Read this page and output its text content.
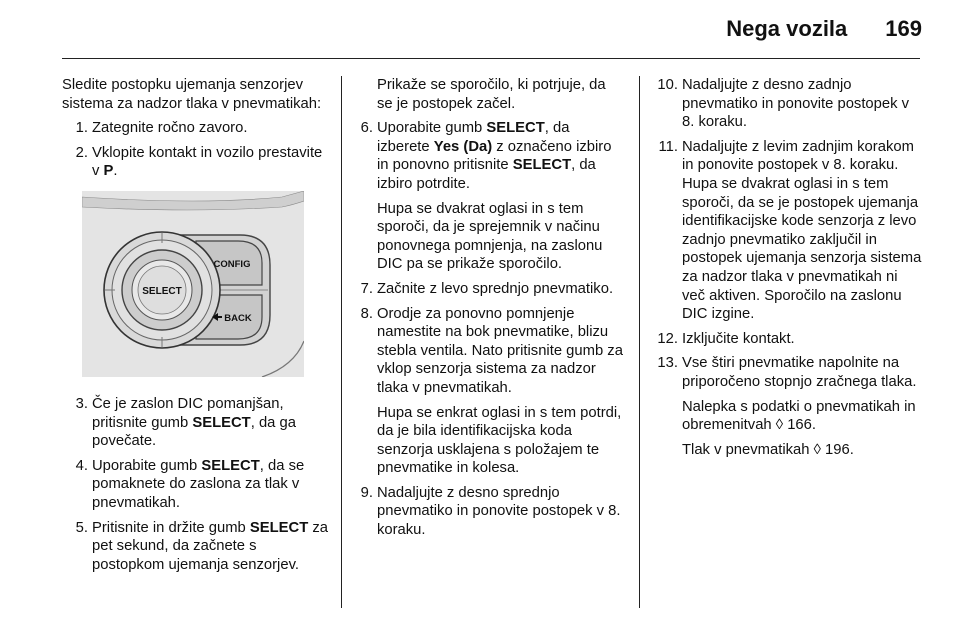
Nega vozila 169

Sledite postopku ujemanja senzorjev sistema za nadzor tlaka v pnevmatikah:

1. Zategnite ročno zavoro.
2. Vklopite kontakt in vozilo prestavite v P.
SELECT
CONFIG
BACK
3. Če je zaslon DIC pomanjšan, pritisnite gumb SELECT, da ga povečate.
4. Uporabite gumb SELECT, da se pomaknete do zaslona za tlak v pnevmatikah.
5. Pritisnite in držite gumb SELECT za pet sekund, da začnete s postopkom ujemanja senzorjev.
Prikaže se sporočilo, ki potrjuje, da se je postopek začel.
6. Uporabite gumb SELECT, da izberete Yes (Da) z označeno izbiro in ponovno pritisnite SELECT, da izbiro potrdite.
Hupa se dvakrat oglasi in s tem sporoči, da je sprejemnik v načinu ponovnega pomnjenja, na zaslonu DIC pa se prikaže sporočilo.
7. Začnite z levo sprednjo pnevmatiko.
8. Orodje za ponovno pomnjenje namestite na bok pnevmatike, blizu stebla ventila. Nato pritisnite gumb za vklop senzorja sistema za nadzor tlaka v pnevmatikah.
Hupa se enkrat oglasi in s tem potrdi, da je bila identifikacijska koda senzorja usklajena s položajem te pnevmatike in kolesa.
9. Nadaljujte z desno sprednjo pnevmatiko in ponovite postopek v 8. koraku.
10. Nadaljujte z desno zadnjo pnevmatiko in ponovite postopek v 8. koraku.
11. Nadaljujte z levim zadnjim korakom in ponovite postopek v 8. koraku. Hupa se dvakrat oglasi in s tem sporoči, da se je postopek ujemanja identifikacijske kode senzorja z levo zadnjo pnevmatiko zaključil in postopek ujemanja senzorja sistema za nadzor tlaka v pnevmatikah ni več aktiven. Sporočilo na zaslonu DIC izgine.
12. Izključite kontakt.
13. Vse štiri pnevmatike napolnite na priporočeno stopnjo zračnega tlaka.
Nalepka s podatki o pnevmatikah in obremenitvah ◊ 166.
Tlak v pnevmatikah ◊ 196.
